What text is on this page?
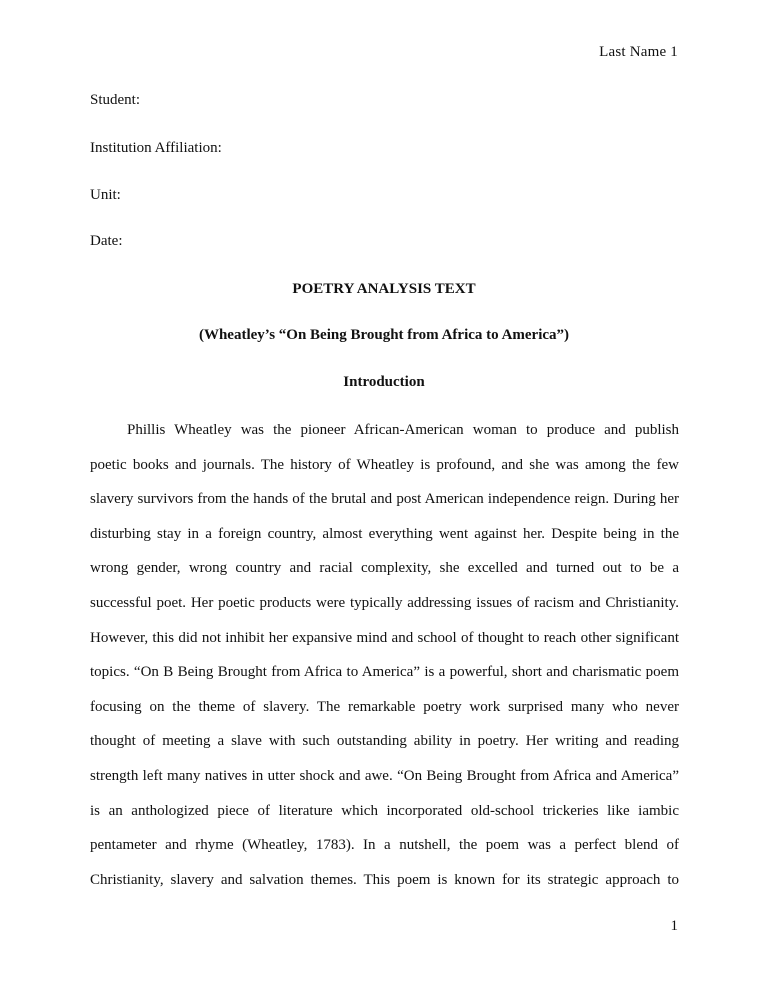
Last Name 1
Student:
Institution Affiliation:
Unit:
Date:
POETRY ANALYSIS TEXT
(Wheatley’s “On Being Brought from Africa to America”)
Introduction
Phillis Wheatley was the pioneer African-American woman to produce and publish
poetic books and journals. The history of Wheatley is profound, and she was among the few
slavery survivors from the hands of the brutal and post American independence reign. During her
disturbing stay in a foreign country, almost everything went against her. Despite being in the
wrong gender, wrong country and racial complexity, she excelled and turned out to be a
successful poet. Her poetic products were typically addressing issues of racism and Christianity.
However, this did not inhibit her expansive mind and school of thought to reach other significant
topics. “On B Being Brought from Africa to America” is a powerful, short and charismatic poem
focusing on the theme of slavery. The remarkable poetry work surprised many who never
thought of meeting a slave with such outstanding ability in poetry. Her writing and reading
strength left many natives in utter shock and awe. “On Being Brought from Africa and America”
is an anthologized piece of literature which incorporated old-school trickeries like iambic
pentameter and rhyme (Wheatley, 1783). In a nutshell, the poem was a perfect blend of
Christianity, slavery and salvation themes. This poem is known for its strategic approach to
1
